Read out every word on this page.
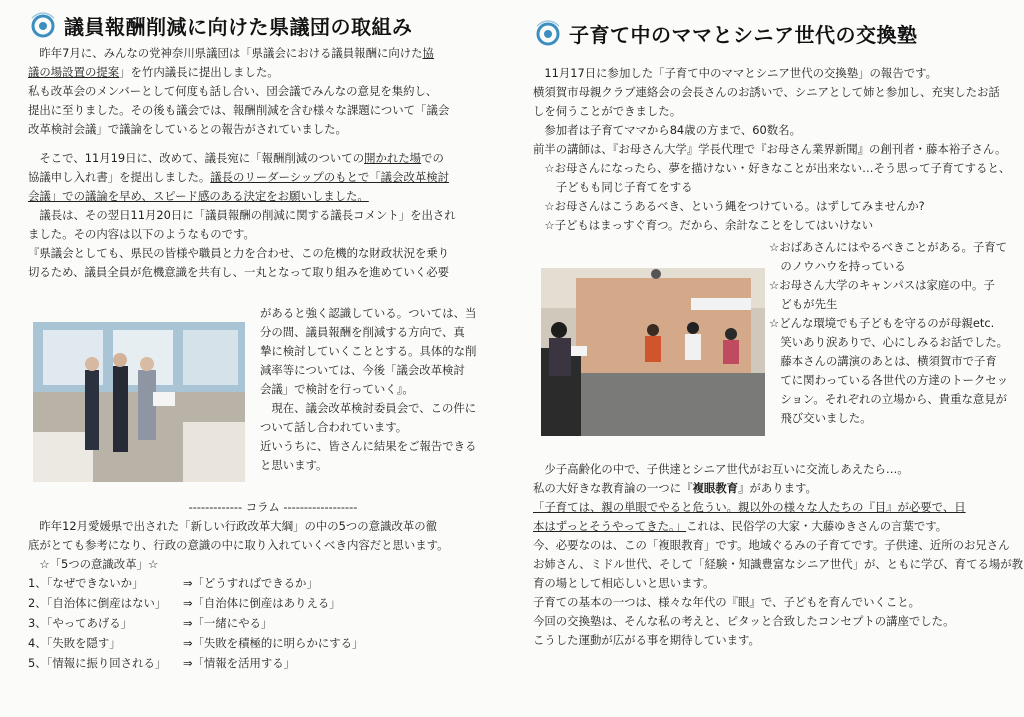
議員報酬削減に向けた県議団の取組み

　昨年7月に、みんなの党神奈川県議団は「県議会における議員報酬に向けた協

議の場設置の提案」を竹内議長に提出しました。

私も改革会のメンバーとして何度も話し合い、団会議でみんなの意見を集約し、

提出に至りました。その後も議会では、報酬削減を含む様々な課題について「議会

改革検討会議」で議論をしているとの報告がされていました。

　そこで、11月19日に、改めて、議長宛に「報酬削減のついての開かれた場での

協議申し入れ書」を提出しました。議長のリーダーシップのもとで「議会改革検討

会議」での議論を早め、スピード感のある決定をお願いしました。

　議長は、その翌日11月20日に「議員報酬の削減に関する議長コメント」を出され

ました。その内容は以下のようなものです。

『県議会としても、県民の皆様や職員と力を合わせ、この危機的な財政状況を乗り

切るため、議員全員が危機意識を共有し、一丸となって取り組みを進めていく必要

があると強く認識している。ついては、当

分の間、議員報酬を削減する方向で、真

摯に検討していくこととする。具体的な削

減率等については、今後「議会改革検討

会議」で検討を行っていく』。

　現在、議会改革検討委員会で、この件に

ついて話し合われています。

近いうちに、皆さんに結果をご報告できる

と思います。

------------- コラム ------------------

　昨年12月愛媛県で出された「新しい行政改革大綱」の中の5つの意識改革の徹

底がとても参考になり、行政の意識の中に取り入れていくべき内容だと思います。

　☆「5つの意識改革」☆

1、「なぜできないか」	⇒「どうすればできるか」
2、「自治体に倒産はない」 ⇒「自治体に倒産はありえる」
3、「やってあげる」	⇒「一緒にやる」
4、「失敗を隠す」	⇒「失敗を積極的に明らかにする」
5、「情報に振り回される」 ⇒「情報を活用する」
子育て中のママとシニア世代の交換塾

　11月17日に参加した「子育て中のママとシニア世代の交換塾」の報告です。

横須賀市母親クラブ連絡会の会長さんのお誘いで、シニアとして姉と参加し、充実したお話

しを伺うことができました。

　参加者は子育てママから84歳の方まで、60数名。

前半の講師は、『お母さん大学』学長代理で『お母さん業界新聞』の創刊者・藤本裕子さん。

　☆お母さんになったら、夢を描けない・好きなことが出来ない…そう思って子育てすると、

　　子どもも同じ子育てをする

　☆お母さんはこうあるべき、という縄をつけている。はずしてみませんか?

　☆子どもはまっすぐ育つ。だから、余計なことをしてはいけない

☆おばあさんにはやるべきことがある。子育て

　のノウハウを持っている

☆お母さん大学のキャンパスは家庭の中。子

　どもが先生

☆どんな環境でも子どもを守るのが母親etc.

　笑いあり涙ありで、心にしみるお話でした。

　藤本さんの講演のあとは、横須賀市で子育

　てに関わっている各世代の方達のトークセッ

　ション。それぞれの立場から、貴重な意見が

　飛び交いました。

　少子高齢化の中で、子供達とシニア世代がお互いに交流しあえたら…。

私の大好きな教育論の一つに『複眼教育』があります。

「子育ては、親の単眼でやると危うい。親以外の様々な人たちの『目』が必要で、日

本はずっとそうやってきた。」これは、民俗学の大家・大藤ゆきさんの言葉です。

今、必要なのは、この「複眼教育」です。地域ぐるみの子育てです。子供達、近所のお兄さん

お姉さん、ミドル世代、そして「経験・知識豊富なシニア世代」が、ともに学び、育てる場が教

育の場として相応しいと思います。

子育ての基本の一つは、様々な年代の『眼』で、子どもを育んでいくこと。

今回の交換塾は、そんな私の考えと、ピタッと合致したコンセプトの講座でした。

こうした運動が広がる事を期待しています。
